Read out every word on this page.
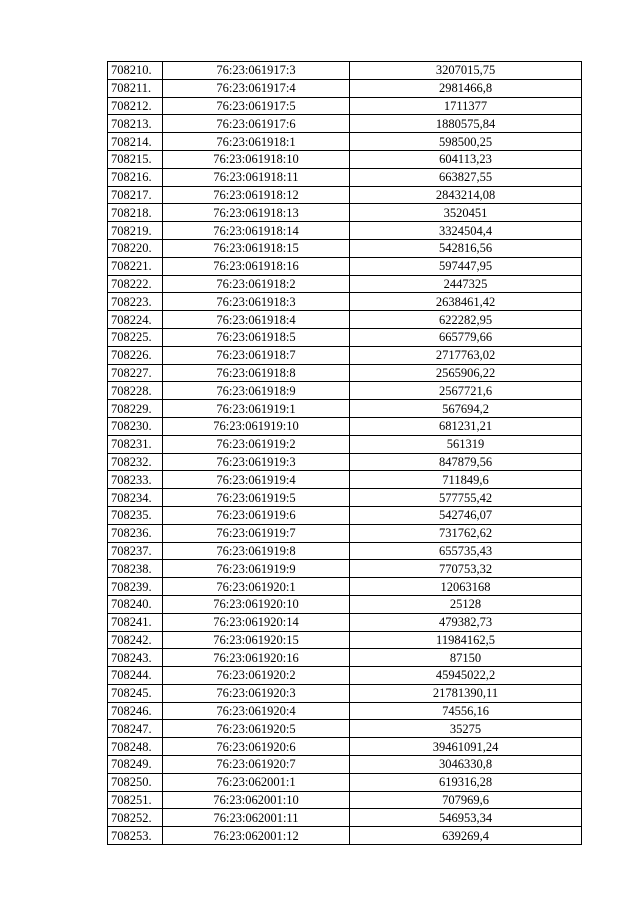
708210.	76:23:061917:3	3207015,75
708211.	76:23:061917:4	2981466,8
708212.	76:23:061917:5	1711377
708213.	76:23:061917:6	1880575,84
708214.	76:23:061918:1	598500,25
708215.	76:23:061918:10	604113,23
708216.	76:23:061918:11	663827,55
708217.	76:23:061918:12	2843214,08
708218.	76:23:061918:13	3520451
708219.	76:23:061918:14	3324504,4
708220.	76:23:061918:15	542816,56
708221.	76:23:061918:16	597447,95
708222.	76:23:061918:2	2447325
708223.	76:23:061918:3	2638461,42
708224.	76:23:061918:4	622282,95
708225.	76:23:061918:5	665779,66
708226.	76:23:061918:7	2717763,02
708227.	76:23:061918:8	2565906,22
708228.	76:23:061918:9	2567721,6
708229.	76:23:061919:1	567694,2
708230.	76:23:061919:10	681231,21
708231.	76:23:061919:2	561319
708232.	76:23:061919:3	847879,56
708233.	76:23:061919:4	711849,6
708234.	76:23:061919:5	577755,42
708235.	76:23:061919:6	542746,07
708236.	76:23:061919:7	731762,62
708237.	76:23:061919:8	655735,43
708238.	76:23:061919:9	770753,32
708239.	76:23:061920:1	12063168
708240.	76:23:061920:10	25128
708241.	76:23:061920:14	479382,73
708242.	76:23:061920:15	11984162,5
708243.	76:23:061920:16	87150
708244.	76:23:061920:2	45945022,2
708245.	76:23:061920:3	21781390,11
708246.	76:23:061920:4	74556,16
708247.	76:23:061920:5	35275
708248.	76:23:061920:6	39461091,24
708249.	76:23:061920:7	3046330,8
708250.	76:23:062001:1	619316,28
708251.	76:23:062001:10	707969,6
708252.	76:23:062001:11	546953,34
708253.	76:23:062001:12	639269,4
